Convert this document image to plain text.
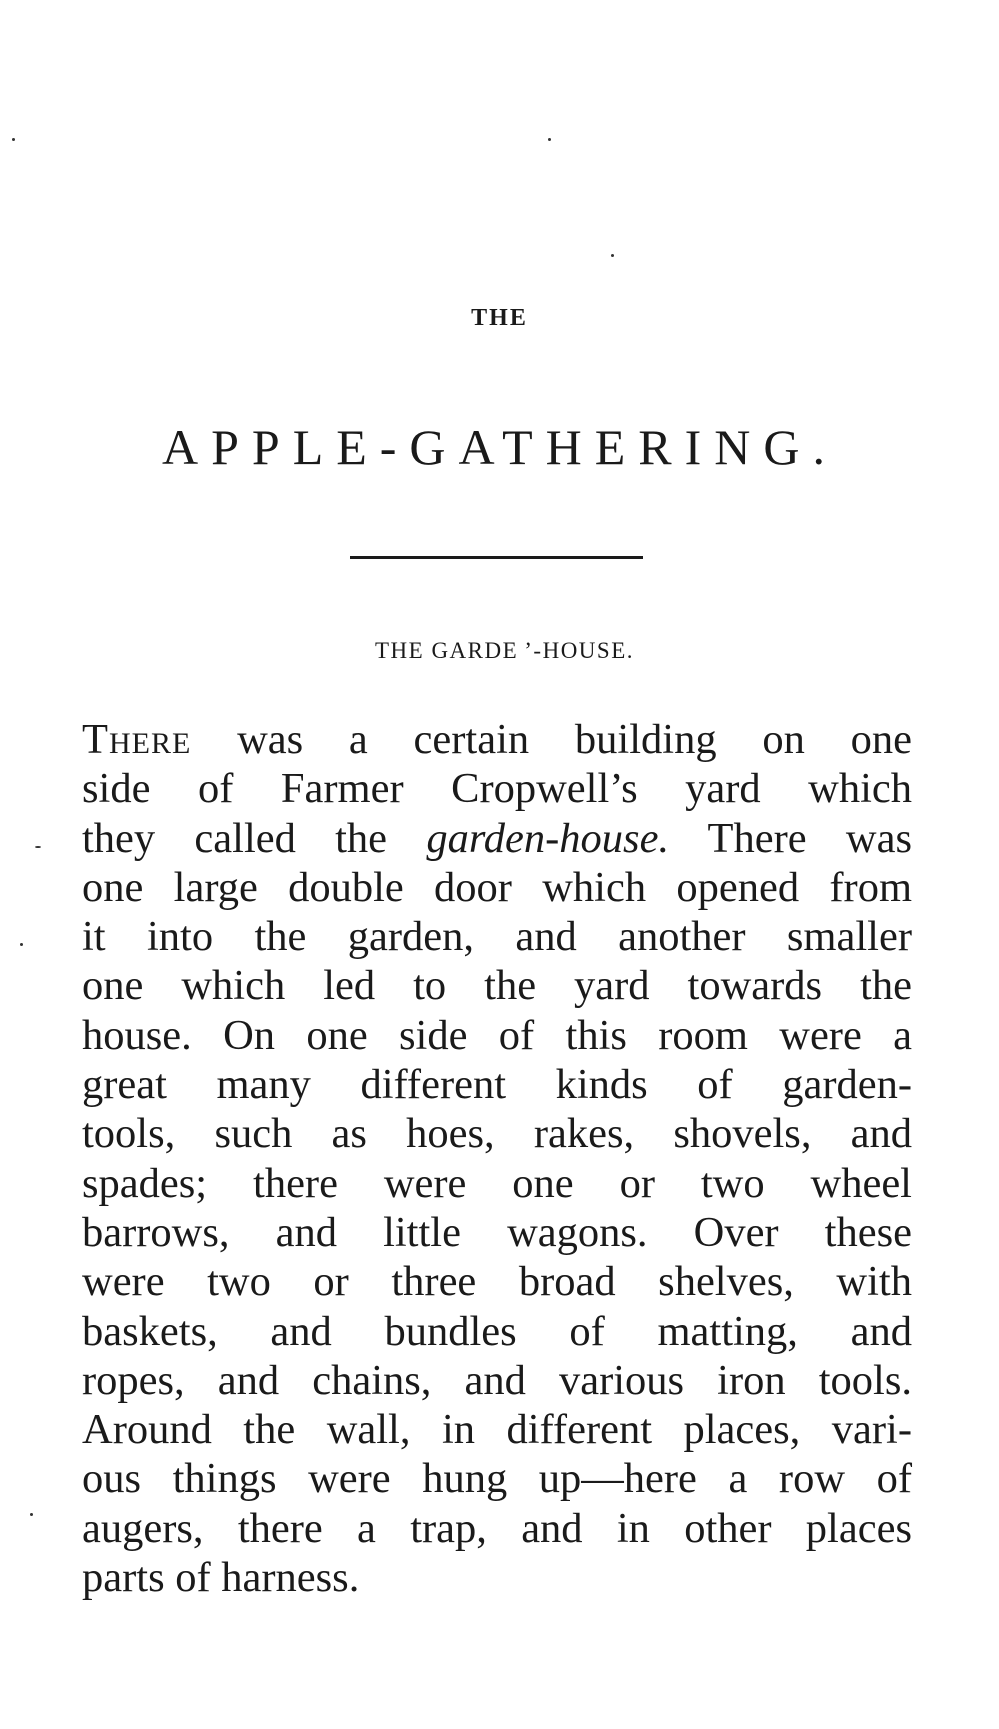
THE
APPLE-GATHERING.
THE GARDE ’-HOUSE.
There was a certain building on one
side of Farmer Cropwell’s yard which
they called the garden-house. There was
one large double door which opened from
it into the garden, and another smaller
one which led to the yard towards the
house. On one side of this room were a
great many different kinds of garden-
tools, such as hoes, rakes, shovels, and
spades; there were one or two wheel
barrows, and little wagons. Over these
were two or three broad shelves, with
baskets, and bundles of matting, and
ropes, and chains, and various iron tools.
Around the wall, in different places, vari-
ous things were hung up—here a row of
augers, there a trap, and in other places
parts of harness.
